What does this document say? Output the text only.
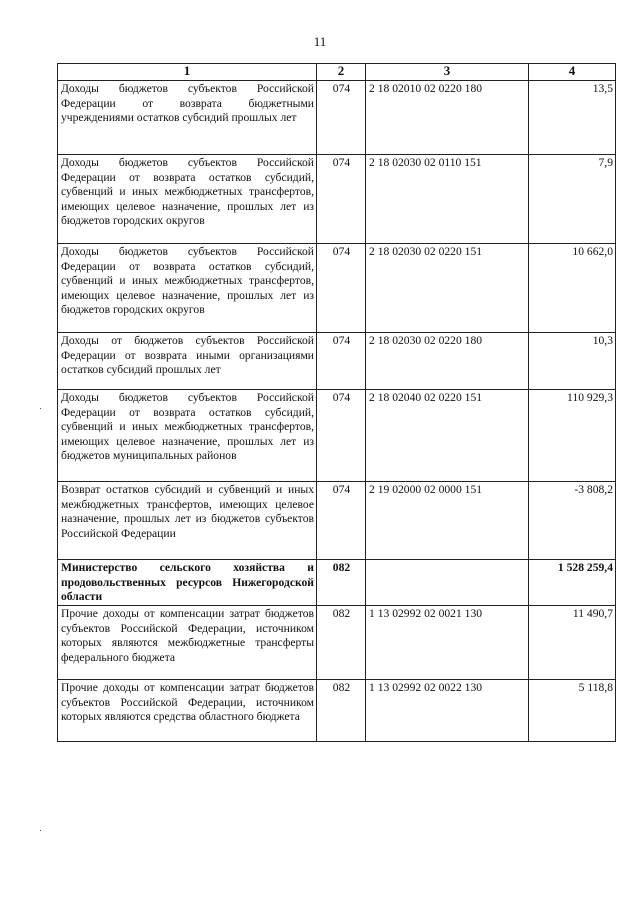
11
1	2	3	4
Доходы бюджетов субъектов Российской Федерации от возврата бюджетными учреждениями остатков субсидий прошлых лет	074	2 18 02010 02 0220 180	13,5
Доходы бюджетов субъектов Российской Федерации от возврата остатков субсидий, субвенций и иных межбюджетных трансфертов, имеющих целевое назначение, прошлых лет из бюджетов городских округов	074	2 18 02030 02 0110 151	7,9
Доходы бюджетов субъектов Российской Федерации от возврата остатков субсидий, субвенций и иных межбюджетных трансфертов, имеющих целевое назначение, прошлых лет из бюджетов городских округов	074	2 18 02030 02 0220 151	10 662,0
Доходы от бюджетов субъектов Российской Федерации от возврата иными организациями остатков субсидий прошлых лет	074	2 18 02030 02 0220 180	10,3
Доходы бюджетов субъектов Российской Федерации от возврата остатков субсидий, субвенций и иных межбюджетных трансфертов, имеющих целевое назначение, прошлых лет из бюджетов муниципальных районов	074	2 18 02040 02 0220 151	110 929,3
Возврат остатков субсидий и субвенций и иных межбюджетных трансфертов, имеющих целевое назначение, прошлых лет из бюджетов субъектов Российской Федерации	074	2 19 02000 02 0000 151	-3 808,2
Министерство сельского хозяйства и продовольственных ресурсов Нижегородской области	082		1 528 259,4
Прочие доходы от компенсации затрат бюджетов субъектов Российской Федерации, источником которых являются межбюджетные трансферты федерального бюджета	082	1 13 02992 02 0021 130	11 490,7
Прочие доходы от компенсации затрат бюджетов субъектов Российской Федерации, источником которых являются средства областного бюджета	082	1 13 02992 02 0022 130	5 118,8
